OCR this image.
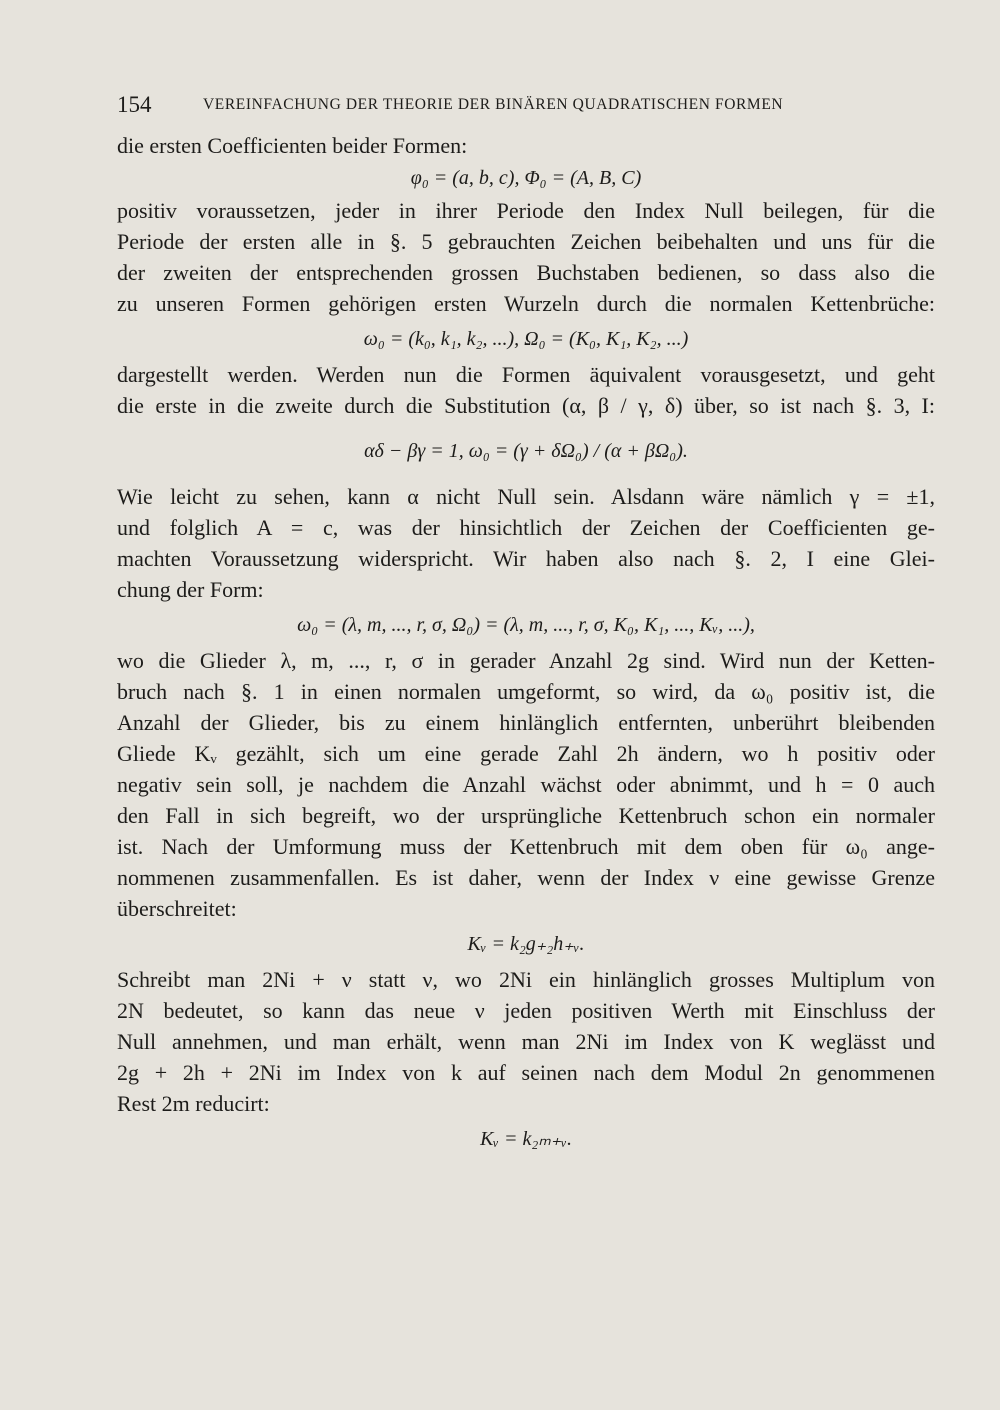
154	VEREINFACHUNG DER THEORIE DER BINÄREN QUADRATISCHEN FORMEN
die ersten Coefficienten beider Formen:
φ₀ = (a, b, c), Φ₀ = (A, B, C)
positiv voraussetzen, jeder in ihrer Periode den Index Null beilegen, für die
Periode der ersten alle in §. 5 gebrauchten Zeichen beibehalten und uns für die
der zweiten der entsprechenden grossen Buchstaben bedienen, so dass also die
zu unseren Formen gehörigen ersten Wurzeln durch die normalen Kettenbrüche:
ω₀ = (k₀, k₁, k₂, ...), Ω₀ = (K₀, K₁, K₂, ...)
dargestellt werden. Werden nun die Formen äquivalent vorausgesetzt, und geht
die erste in die zweite durch die Substitution (α, β / γ, δ) über, so ist nach §. 3, I:
αδ − βγ = 1, ω₀ = (γ + δΩ₀) / (α + βΩ₀).
Wie leicht zu sehen, kann α nicht Null sein. Alsdann wäre nämlich γ = ±1,
und folglich A = c, was der hinsichtlich der Zeichen der Coefficienten ge-
machten Voraussetzung widerspricht. Wir haben also nach §. 2, I eine Glei-
chung der Form:
ω₀ = (λ, m, ..., r, σ, Ω₀) = (λ, m, ..., r, σ, K₀, K₁, ..., Kᵥ, ...),
wo die Glieder λ, m, ..., r, σ in gerader Anzahl 2g sind. Wird nun der Ketten-
bruch nach §. 1 in einen normalen umgeformt, so wird, da ω₀ positiv ist, die
Anzahl der Glieder, bis zu einem hinlänglich entfernten, unberührt bleibenden
Gliede Kᵥ gezählt, sich um eine gerade Zahl 2h ändern, wo h positiv oder
negativ sein soll, je nachdem die Anzahl wächst oder abnimmt, und h = 0 auch
den Fall in sich begreift, wo der ursprüngliche Kettenbruch schon ein normaler
ist. Nach der Umformung muss der Kettenbruch mit dem oben für ω₀ ange-
nommenen zusammenfallen. Es ist daher, wenn der Index ν eine gewisse Grenze
überschreitet:
Kᵥ = k₂g₊₂h₊ᵥ.
Schreibt man 2Ni + ν statt ν, wo 2Ni ein hinlänglich grosses Multiplum von
2N bedeutet, so kann das neue ν jeden positiven Werth mit Einschluss der
Null annehmen, und man erhält, wenn man 2Ni im Index von K weglässt und
2g + 2h + 2Ni im Index von k auf seinen nach dem Modul 2n genommenen
Rest 2m reducirt:
Kᵥ = k₂ₘ₊ᵥ.
